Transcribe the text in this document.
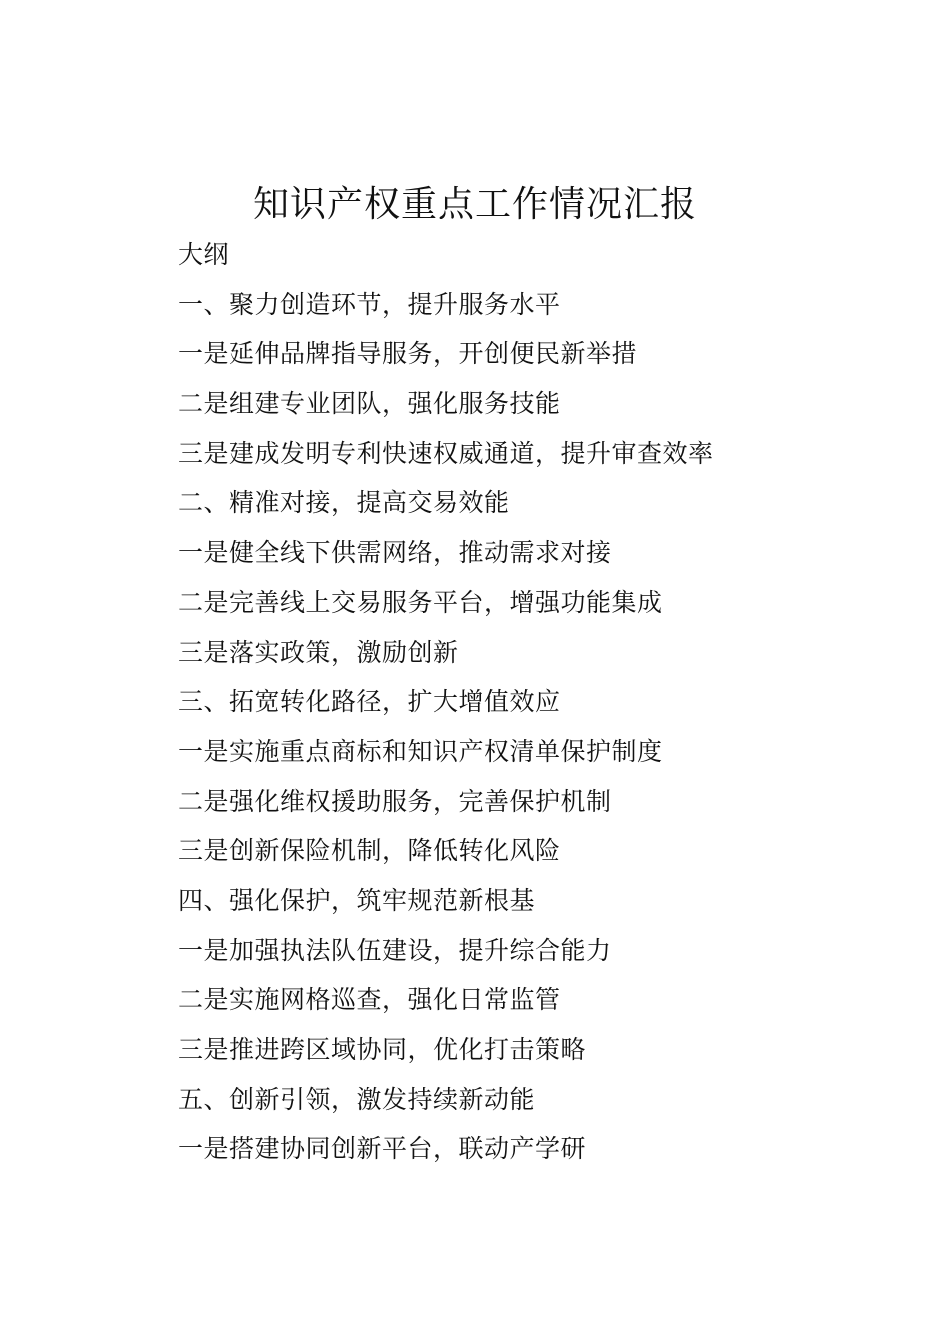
知识产权重点工作情况汇报
大纲
一、聚力创造环节，提升服务水平
一是延伸品牌指导服务，开创便民新举措
二是组建专业团队，强化服务技能
三是建成发明专利快速权威通道，提升审查效率
二、精准对接，提高交易效能
一是健全线下供需网络，推动需求对接
二是完善线上交易服务平台，增强功能集成
三是落实政策，激励创新
三、拓宽转化路径，扩大增值效应
一是实施重点商标和知识产权清单保护制度
二是强化维权援助服务，完善保护机制
三是创新保险机制，降低转化风险
四、强化保护，筑牢规范新根基
一是加强执法队伍建设，提升综合能力
二是实施网格巡查，强化日常监管
三是推进跨区域协同，优化打击策略
五、创新引领，激发持续新动能
一是搭建协同创新平台，联动产学研
